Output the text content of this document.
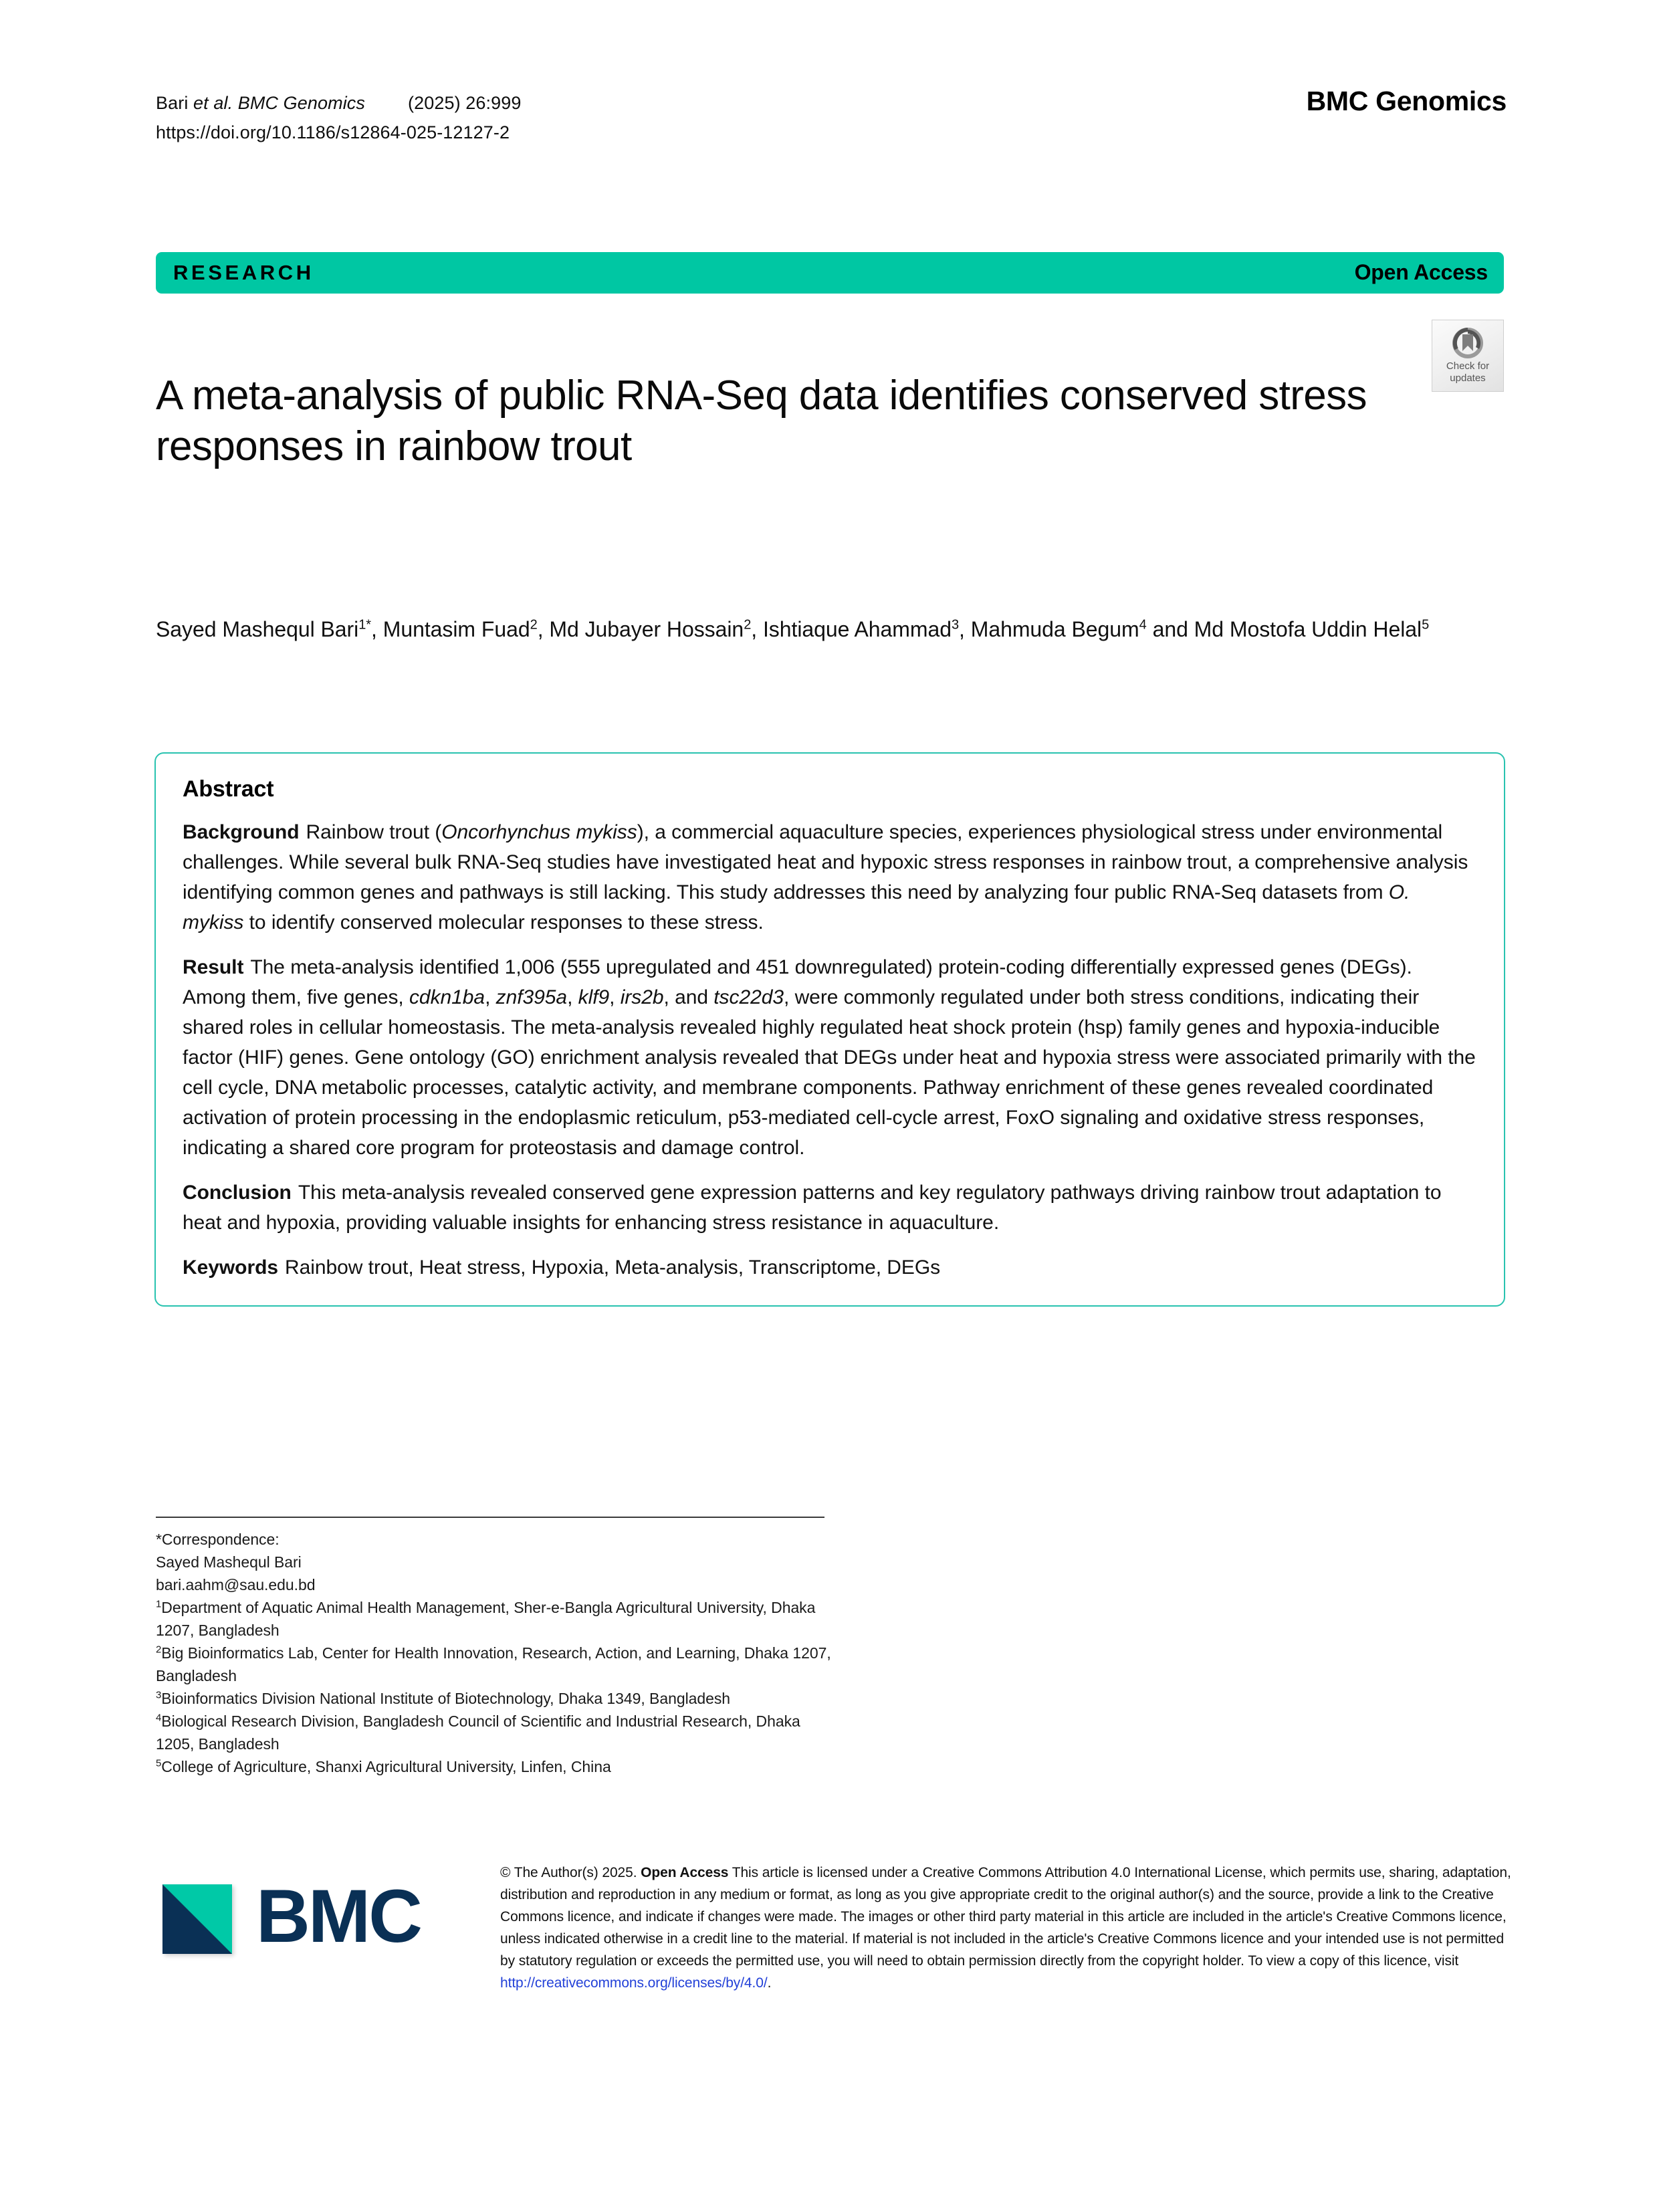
Bari et al. BMC Genomics (2025) 26:999
https://doi.org/10.1186/s12864-025-12127-2
BMC Genomics
RESEARCH	Open Access
Check for
updates
A meta-analysis of public RNA-Seq data identifies conserved stress responses in rainbow trout
Sayed Mashequl Bari$^{1*}$, Muntasim Fuad$^2$, Md Jubayer Hossain$^2$, Ishtiaque Ahammad$^3$, Mahmuda Begum$^4$ and Md Mostofa Uddin Helal$^5$
Abstract

Background Rainbow trout (Oncorhynchus mykiss), a commercial aquaculture species, experiences physiological stress under environmental challenges. While several bulk RNA-Seq studies have investigated heat and hypoxic stress responses in rainbow trout, a comprehensive analysis identifying common genes and pathways is still lacking. This study addresses this need by analyzing four public RNA-Seq datasets from O. mykiss to identify conserved molecular responses to these stress.

Result The meta-analysis identified 1,006 (555 upregulated and 451 downregulated) protein-coding differentially expressed genes (DEGs). Among them, five genes, cdkn1ba, znf395a, klf9, irs2b, and tsc22d3, were commonly regulated under both stress conditions, indicating their shared roles in cellular homeostasis. The meta-analysis revealed highly regulated heat shock protein (hsp) family genes and hypoxia-inducible factor (HIF) genes. Gene ontology (GO) enrichment analysis revealed that DEGs under heat and hypoxia stress were associated primarily with the cell cycle, DNA metabolic processes, catalytic activity, and membrane components. Pathway enrichment of these genes revealed coordinated activation of protein processing in the endoplasmic reticulum, p53-mediated cell-cycle arrest, FoxO signaling and oxidative stress responses, indicating a shared core program for proteostasis and damage control.

Conclusion This meta-analysis revealed conserved gene expression patterns and key regulatory pathways driving rainbow trout adaptation to heat and hypoxia, providing valuable insights for enhancing stress resistance in aquaculture.

Keywords Rainbow trout, Heat stress, Hypoxia, Meta-analysis, Transcriptome, DEGs

*Correspondence:
Sayed Mashequl Bari
bari.aahm@sau.edu.bd
$^1$Department of Aquatic Animal Health Management, Sher-e-Bangla Agricultural University, Dhaka 1207, Bangladesh
$^2$Big Bioinformatics Lab, Center for Health Innovation, Research, Action, and Learning, Dhaka 1207, Bangladesh
$^3$Bioinformatics Division National Institute of Biotechnology, Dhaka 1349, Bangladesh
$^4$Biological Research Division, Bangladesh Council of Scientific and Industrial Research, Dhaka 1205, Bangladesh
$^5$College of Agriculture, Shanxi Agricultural University, Linfen, China
BMC
© The Author(s) 2025. Open Access This article is licensed under a Creative Commons Attribution 4.0 International License, which permits use, sharing, adaptation, distribution and reproduction in any medium or format, as long as you give appropriate credit to the original author(s) and the source, provide a link to the Creative Commons licence, and indicate if changes were made. The images or other third party material in this article are included in the article's Creative Commons licence, unless indicated otherwise in a credit line to the material. If material is not included in the article's Creative Commons licence and your intended use is not permitted by statutory regulation or exceeds the permitted use, you will need to obtain permission directly from the copyright holder. To view a copy of this licence, visit http://creativecommons.org/licenses/by/4.0/.
